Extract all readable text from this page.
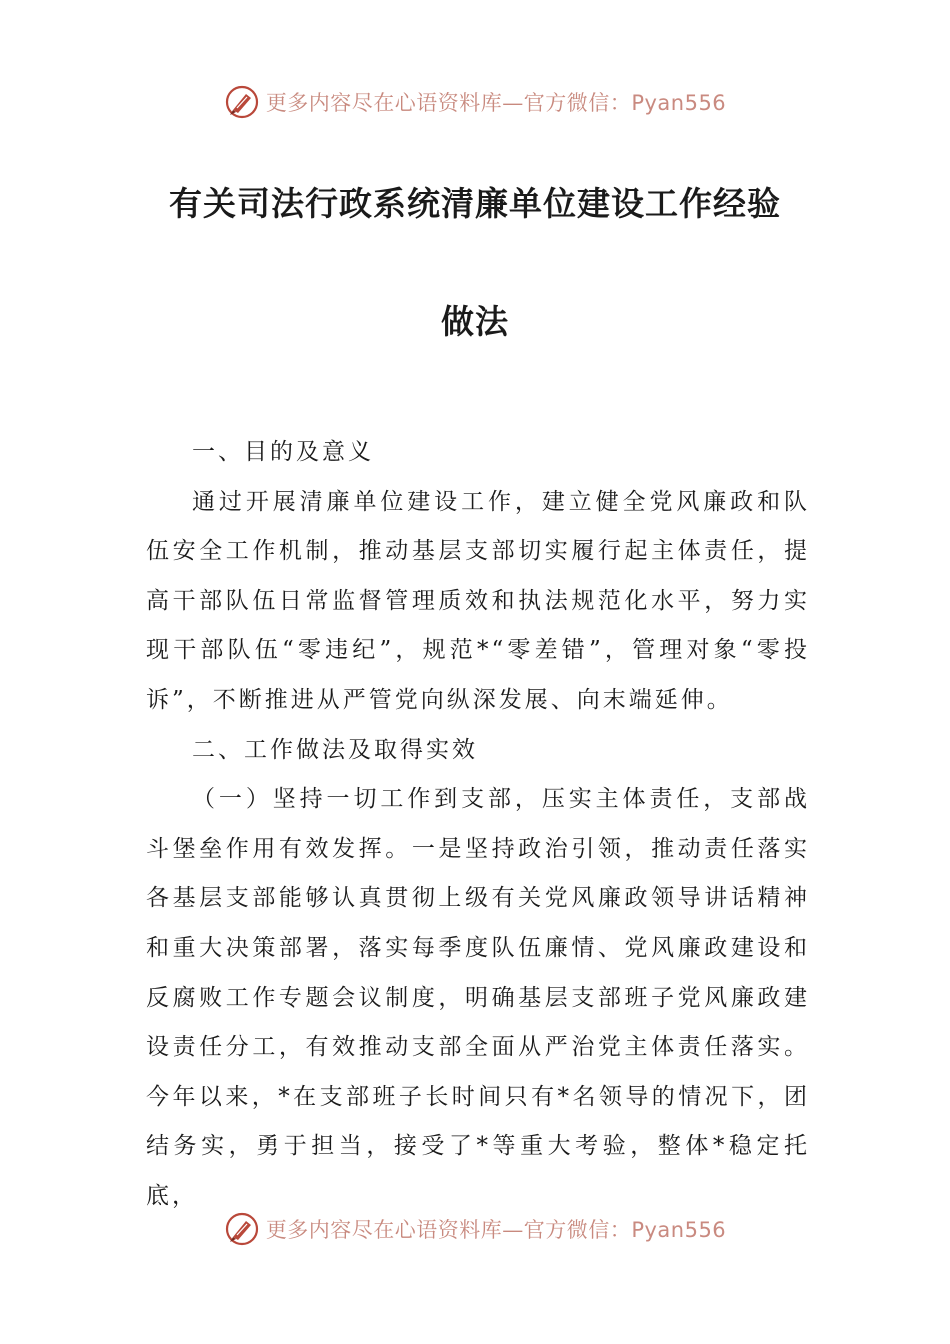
更多内容尽在心语资料库—官方微信：Pyan556
有关司法行政系统清廉单位建设工作经验
做法

一、目的及意义

通过开展清廉单位建设工作，建立健全党风廉政和队伍安全工作机制，推动基层支部切实履行起主体责任，提高干部队伍日常监督管理质效和执法规范化水平，努力实现干部队伍“零违纪”，规范*“零差错”，管理对象“零投诉”，不断推进从严管党向纵深发展、向末端延伸。

二、工作做法及取得实效

（一）坚持一切工作到支部，压实主体责任，支部战斗堡垒作用有效发挥。一是坚持政治引领，推动责任落实各基层支部能够认真贯彻上级有关党风廉政领导讲话精神和重大决策部署，落实每季度队伍廉情、党风廉政建设和反腐败工作专题会议制度，明确基层支部班子党风廉政建设责任分工，有效推动支部全面从严治党主体责任落实。今年以来，*在支部班子长时间只有*名领导的情况下，团结务实，勇于担当，接受了*等重大考验，整体*稳定托底，

更多内容尽在心语资料库—官方微信：Pyan556
